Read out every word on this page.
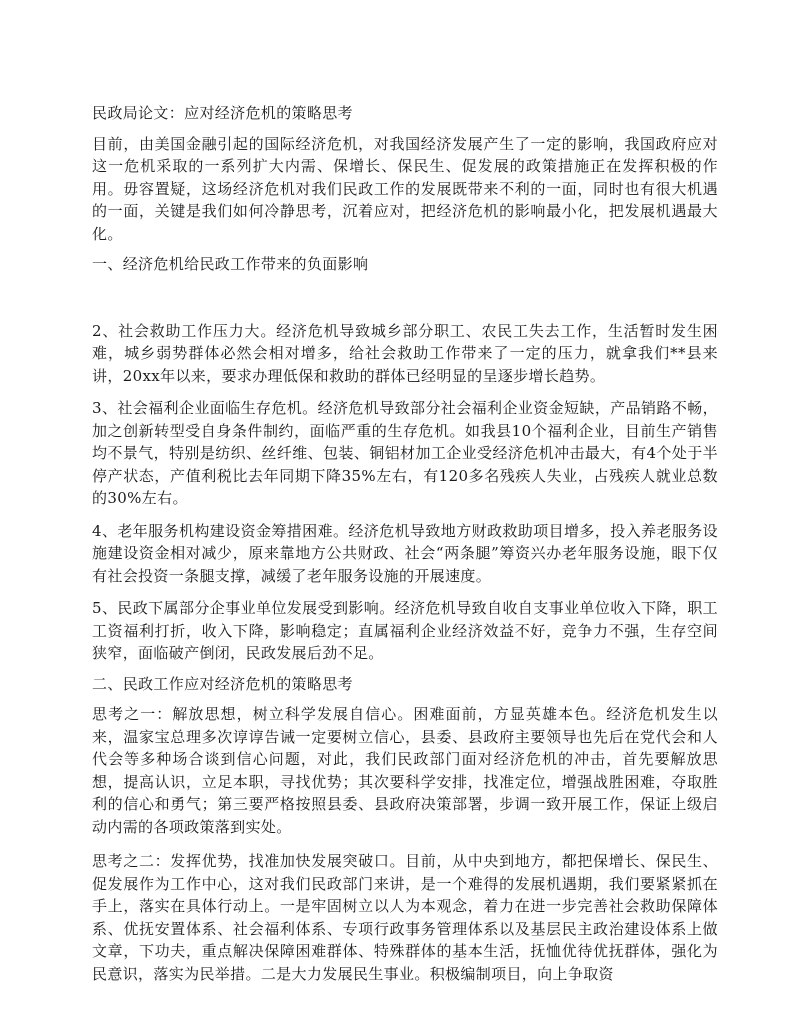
民政局论文：应对经济危机的策略思考

目前，由美国金融引起的国际经济危机，对我国经济发展产生了一定的影响，我国政府应对这一危机采取的一系列扩大内需、保增长、保民生、促发展的政策措施正在发挥积极的作用。毋容置疑，这场经济危机对我们民政工作的发展既带来不利的一面，同时也有很大机遇的一面，关键是我们如何冷静思考，沉着应对，把经济危机的影响最小化，把发展机遇最大化。

一、经济危机给民政工作带来的负面影响

2、社会救助工作压力大。经济危机导致城乡部分职工、农民工失去工作，生活暂时发生困难，城乡弱势群体必然会相对增多，给社会救助工作带来了一定的压力，就拿我们**县来讲，20xx年以来，要求办理低保和救助的群体已经明显的呈逐步增长趋势。

3、社会福利企业面临生存危机。经济危机导致部分社会福利企业资金短缺，产品销路不畅，加之创新转型受自身条件制约，面临严重的生存危机。如我县10个福利企业，目前生产销售均不景气，特别是纺织、丝纤维、包装、铜铝材加工企业受经济危机冲击最大，有4个处于半停产状态，产值利税比去年同期下降35%左右，有120多名残疾人失业，占残疾人就业总数的30%左右。

4、老年服务机构建设资金筹措困难。经济危机导致地方财政救助项目增多，投入养老服务设施建设资金相对减少，原来靠地方公共财政、社会“两条腿”筹资兴办老年服务设施，眼下仅有社会投资一条腿支撑，减缓了老年服务设施的开展速度。

5、民政下属部分企事业单位发展受到影响。经济危机导致自收自支事业单位收入下降，职工工资福利打折，收入下降，影响稳定；直属福利企业经济效益不好，竞争力不强，生存空间狭窄，面临破产倒闭，民政发展后劲不足。

二、民政工作应对经济危机的策略思考

思考之一：解放思想，树立科学发展自信心。困难面前，方显英雄本色。经济危机发生以来，温家宝总理多次谆谆告诫一定要树立信心，县委、县政府主要领导也先后在党代会和人代会等多种场合谈到信心问题，对此，我们民政部门面对经济危机的冲击，首先要解放思想，提高认识，立足本职，寻找优势；其次要科学安排，找准定位，增强战胜困难，夺取胜利的信心和勇气；第三要严格按照县委、县政府决策部署，步调一致开展工作，保证上级启动内需的各项政策落到实处。

思考之二：发挥优势，找准加快发展突破口。目前，从中央到地方，都把保增长、保民生、促发展作为工作中心，这对我们民政部门来讲，是一个难得的发展机遇期，我们要紧紧抓在手上，落实在具体行动上。一是牢固树立以人为本观念，着力在进一步完善社会救助保障体系、优抚安置体系、社会福利体系、专项行政事务管理体系以及基层民主政治建设体系上做文章，下功夫，重点解决保障困难群体、特殊群体的基本生活，抚恤优待优抚群体，强化为民意识，落实为民举措。二是大力发展民生事业。积极编制项目，向上争取资
